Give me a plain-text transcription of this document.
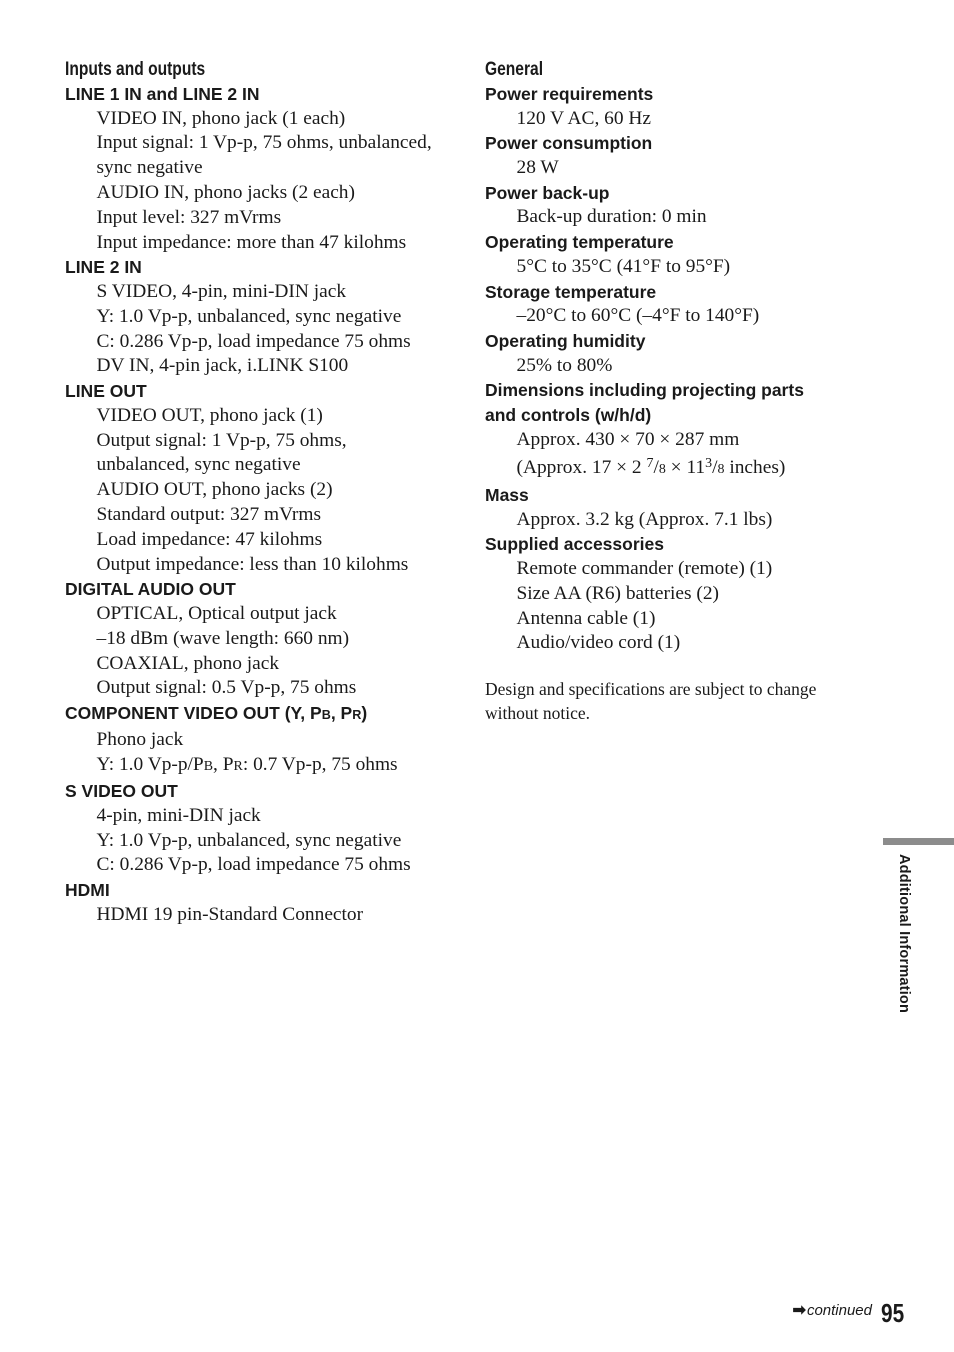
Inputs and outputs
LINE 1 IN and LINE 2 IN
VIDEO IN, phono jack (1 each)
Input signal: 1 Vp-p, 75 ohms, unbalanced,
sync negative
AUDIO IN, phono jacks (2 each)
Input level: 327 mVrms
Input impedance: more than 47 kilohms
LINE 2 IN
S VIDEO, 4-pin, mini-DIN jack
Y: 1.0 Vp-p, unbalanced, sync negative
C: 0.286 Vp-p, load impedance 75 ohms
DV IN, 4-pin jack, i.LINK S100
LINE OUT
VIDEO OUT, phono jack (1)
Output signal: 1 Vp-p, 75 ohms,
unbalanced, sync negative
AUDIO OUT, phono jacks (2)
Standard output: 327 mVrms
Load impedance: 47 kilohms
Output impedance: less than 10 kilohms
DIGITAL AUDIO OUT
OPTICAL, Optical output jack
–18 dBm (wave length: 660 nm)
COAXIAL, phono jack
Output signal: 0.5 Vp-p, 75 ohms
COMPONENT VIDEO OUT (Y, PB, PR)
Phono jack
Y: 1.0 Vp-p/PB, PR: 0.7 Vp-p, 75 ohms
S VIDEO OUT
4-pin, mini-DIN jack
Y: 1.0 Vp-p, unbalanced, sync negative
C: 0.286 Vp-p, load impedance 75 ohms
HDMI
HDMI 19 pin-Standard Connector
General
Power requirements
120 V AC, 60 Hz
Power consumption
28 W
Power back-up
Back-up duration: 0 min
Operating temperature
5°C to 35°C (41°F to 95°F)
Storage temperature
–20°C to 60°C (–4°F to 140°F)
Operating humidity
25% to 80%
Dimensions including projecting parts
and controls (w/h/d)
Approx. 430 × 70 × 287 mm
(Approx. 17 × 2 $^7/8 \times 11^3/8$ inches)
Mass
Approx. 3.2 kg (Approx. 7.1 lbs)
Supplied accessories
Remote commander (remote) (1)
Size AA (R6) batteries (2)
Antenna cable (1)
Audio/video cord (1)
Design and specifications are subject to change without notice.
Additional Information
➡continued 95
